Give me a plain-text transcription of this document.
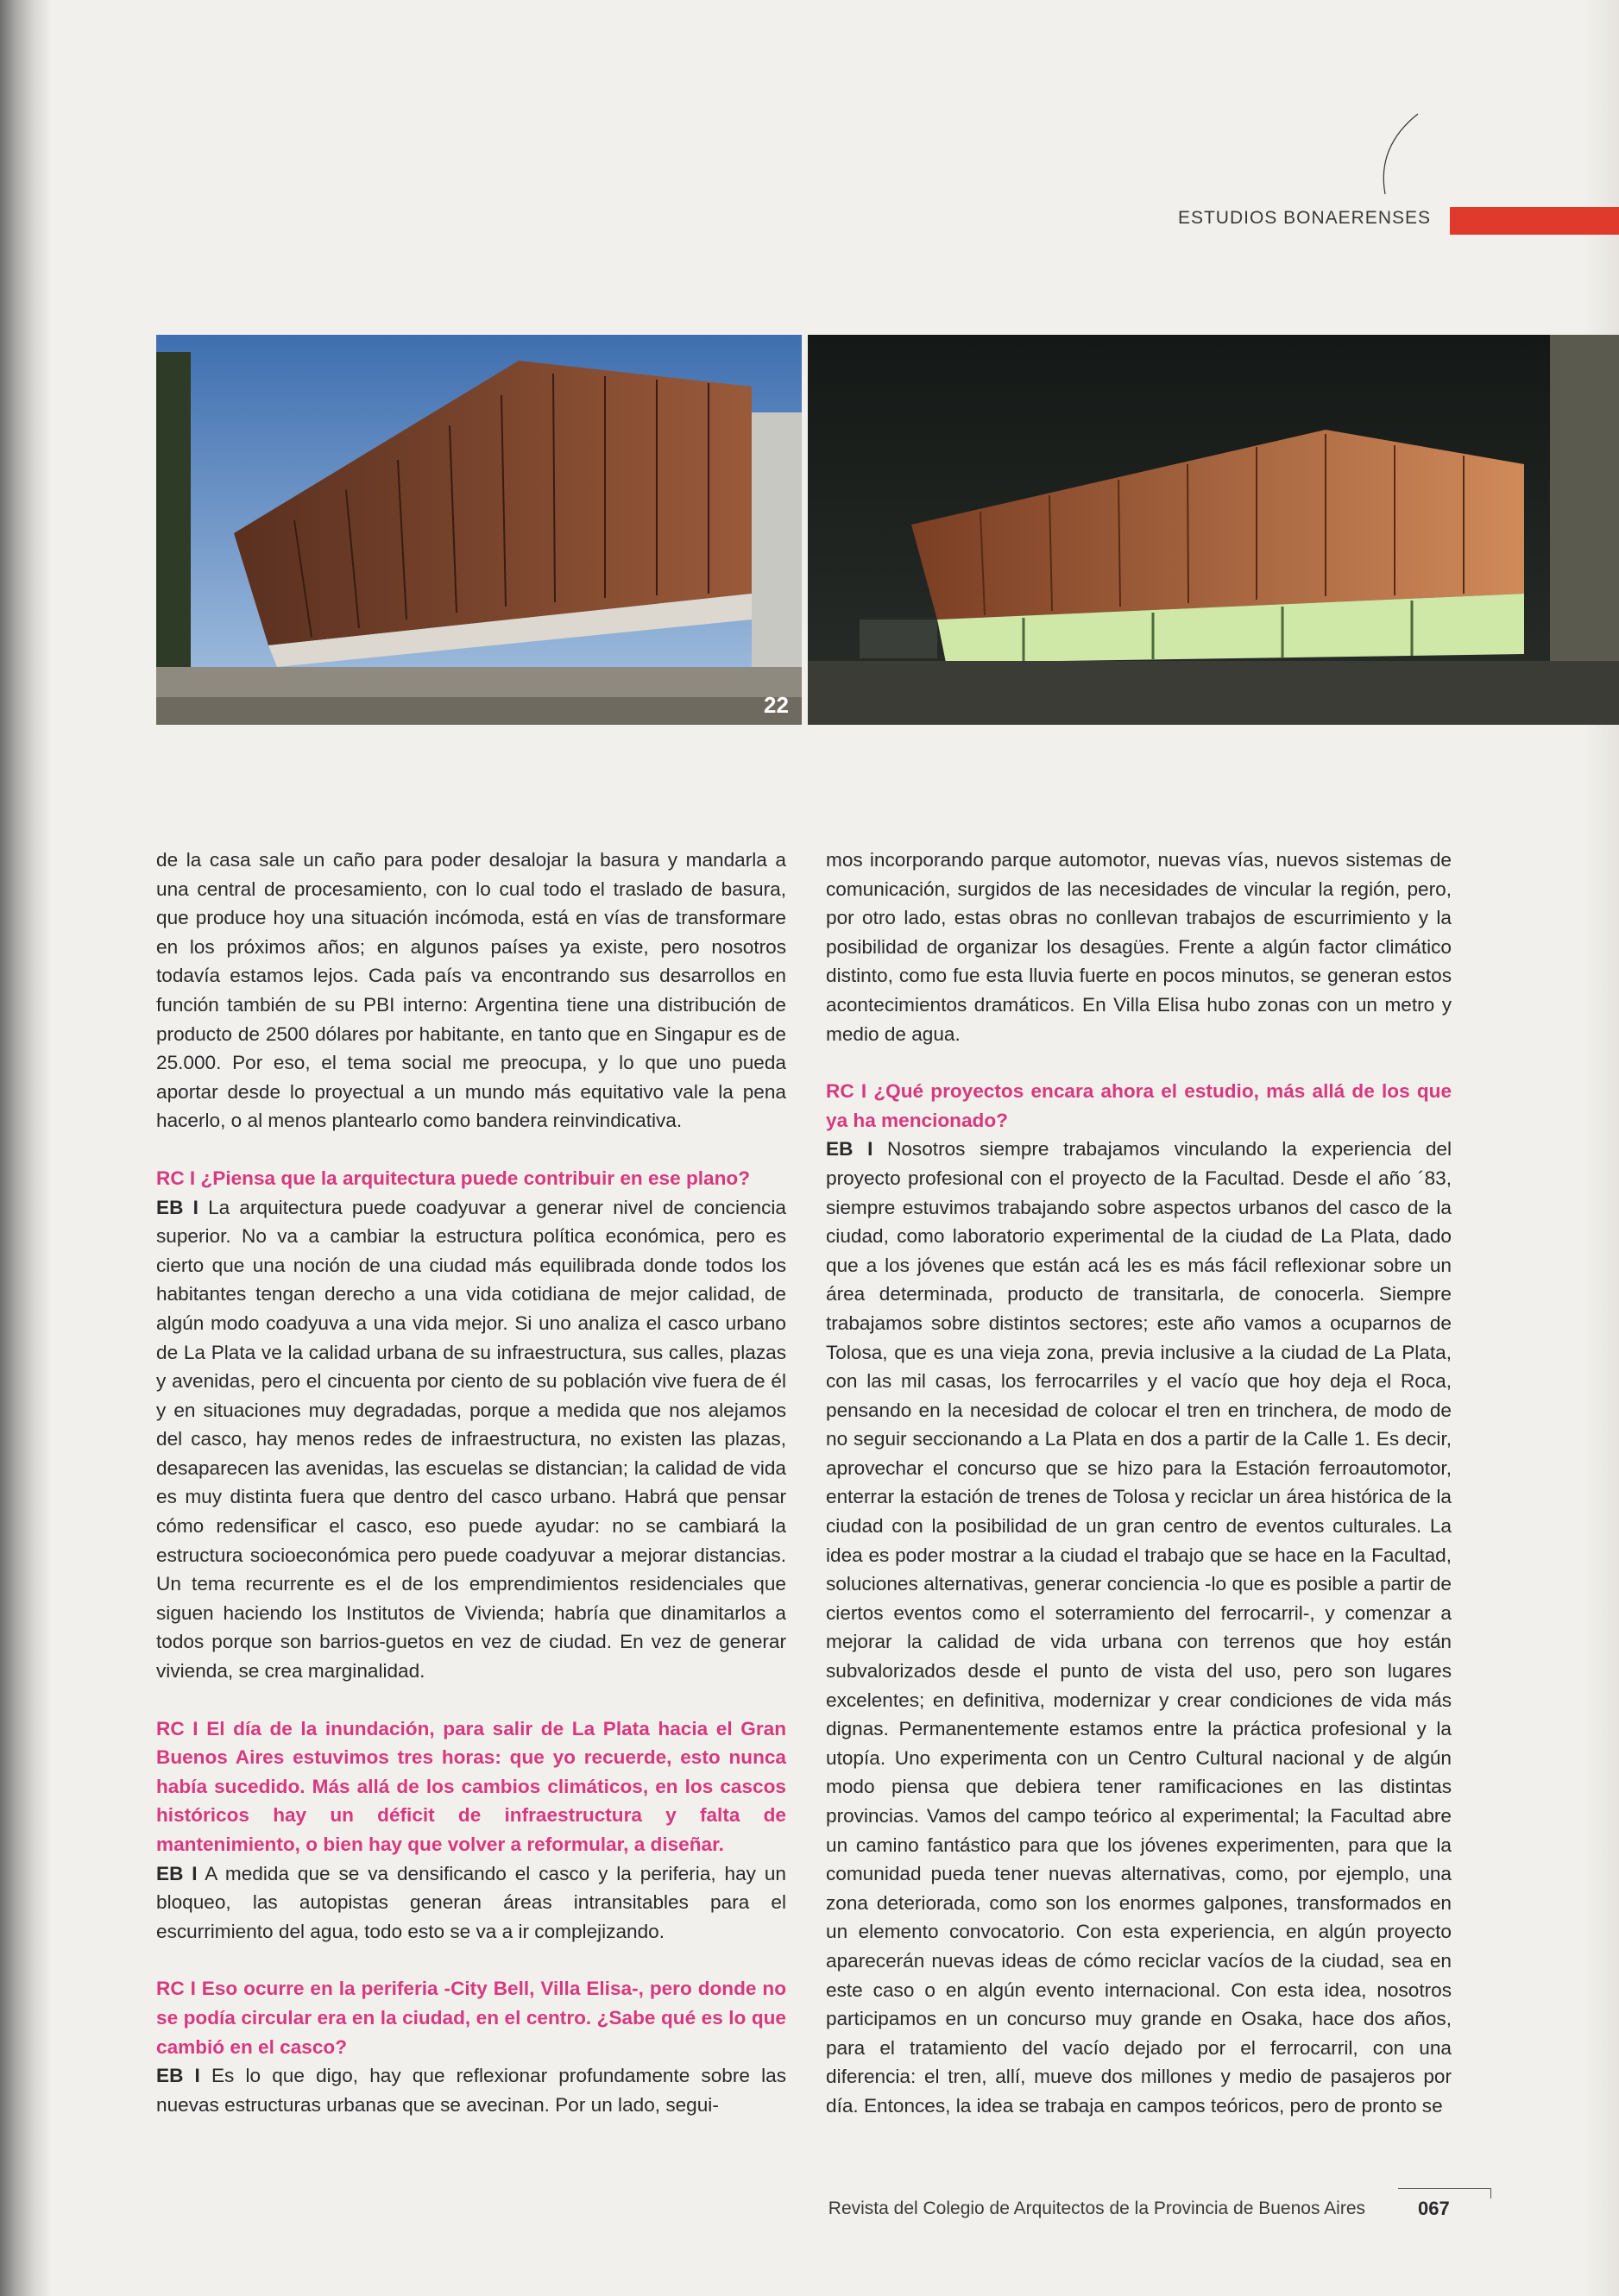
ESTUDIOS BONAERENSES
22

de la casa sale un caño para poder desalojar la basura y mandarla a una central de procesamiento, con lo cual todo el traslado de basura, que produce hoy una situación incómoda, está en vías de transformare en los próximos años; en algunos países ya existe, pero nosotros todavía estamos lejos. Cada país va encontrando sus desarrollos en función también de su PBI interno: Argentina tiene una distribución de producto de 2500 dólares por habitante, en tanto que en Singapur es de 25.000. Por eso, el tema social me preocupa, y lo que uno pueda aportar desde lo proyectual a un mundo más equitativo vale la pena hacerlo, o al menos plantearlo como bandera reinvindicativa.

RC I ¿Piensa que la arquitectura puede contribuir en ese plano?

EB I La arquitectura puede coadyuvar a generar nivel de conciencia superior. No va a cambiar la estructura política económica, pero es cierto que una noción de una ciudad más equilibrada donde todos los habitantes tengan derecho a una vida cotidiana de mejor calidad, de algún modo coadyuva a una vida mejor. Si uno analiza el casco urbano de La Plata ve la calidad urbana de su infraestructura, sus calles, plazas y avenidas, pero el cincuenta por ciento de su población vive fuera de él y en situaciones muy degradadas, porque a medida que nos alejamos del casco, hay menos redes de infraestructura, no existen las plazas, desaparecen las avenidas, las escuelas se distancian; la calidad de vida es muy distinta fuera que dentro del casco urbano. Habrá que pensar cómo redensificar el casco, eso puede ayudar: no se cambiará la estructura socioeconómica pero puede coadyuvar a mejorar distancias. Un tema recurrente es el de los emprendimientos residenciales que siguen haciendo los Institutos de Vivienda; habría que dinamitarlos a todos porque son barrios-guetos en vez de ciudad. En vez de generar vivienda, se crea marginalidad.

RC I El día de la inundación, para salir de La Plata hacia el Gran Buenos Aires estuvimos tres horas: que yo recuerde, esto nunca había sucedido. Más allá de los cambios climáticos, en los cascos históricos hay un déficit de infraestructura y falta de mantenimiento, o bien hay que volver a reformular, a diseñar.

EB I A medida que se va densificando el casco y la periferia, hay un bloqueo, las autopistas generan áreas intransitables para el escurrimiento del agua, todo esto se va a ir complejizando.

RC I Eso ocurre en la periferia -City Bell, Villa Elisa-, pero donde no se podía circular era en la ciudad, en el centro. ¿Sabe qué es lo que cambió en el casco?

EB I Es lo que digo, hay que reflexionar profundamente sobre las nuevas estructuras urbanas que se avecinan. Por un lado, segui-

mos incorporando parque automotor, nuevas vías, nuevos sistemas de comunicación, surgidos de las necesidades de vincular la región, pero, por otro lado, estas obras no conllevan trabajos de escurrimiento y la posibilidad de organizar los desagües. Frente a algún factor climático distinto, como fue esta lluvia fuerte en pocos minutos, se generan estos acontecimientos dramáticos. En Villa Elisa hubo zonas con un metro y medio de agua.

RC I ¿Qué proyectos encara ahora el estudio, más allá de los que ya ha mencionado?

EB I Nosotros siempre trabajamos vinculando la experiencia del proyecto profesional con el proyecto de la Facultad. Desde el año ´83, siempre estuvimos trabajando sobre aspectos urbanos del casco de la ciudad, como laboratorio experimental de la ciudad de La Plata, dado que a los jóvenes que están acá les es más fácil reflexionar sobre un área determinada, producto de transitarla, de conocerla. Siempre trabajamos sobre distintos sectores; este año vamos a ocuparnos de Tolosa, que es una vieja zona, previa inclusive a la ciudad de La Plata, con las mil casas, los ferrocarriles y el vacío que hoy deja el Roca, pensando en la necesidad de colocar el tren en trinchera, de modo de no seguir seccionando a La Plata en dos a partir de la Calle 1. Es decir, aprovechar el concurso que se hizo para la Estación ferroautomotor, enterrar la estación de trenes de Tolosa y reciclar un área histórica de la ciudad con la posibilidad de un gran centro de eventos culturales. La idea es poder mostrar a la ciudad el trabajo que se hace en la Facultad, soluciones alternativas, generar conciencia -lo que es posible a partir de ciertos eventos como el soterramiento del ferrocarril-, y comenzar a mejorar la calidad de vida urbana con terrenos que hoy están subvalorizados desde el punto de vista del uso, pero son lugares excelentes; en definitiva, modernizar y crear condiciones de vida más dignas. Permanentemente estamos entre la práctica profesional y la utopía. Uno experimenta con un Centro Cultural nacional y de algún modo piensa que debiera tener ramificaciones en las distintas provincias. Vamos del campo teórico al experimental; la Facultad abre un camino fantástico para que los jóvenes experimenten, para que la comunidad pueda tener nuevas alternativas, como, por ejemplo, una zona deteriorada, como son los enormes galpones, transformados en un elemento convocatorio. Con esta experiencia, en algún proyecto aparecerán nuevas ideas de cómo reciclar vacíos de la ciudad, sea en este caso o en algún evento internacional. Con esta idea, nosotros participamos en un concurso muy grande en Osaka, hace dos años, para el tratamiento del vacío dejado por el ferrocarril, con una diferencia: el tren, allí, mueve dos millones y medio de pasajeros por día. Entonces, la idea se trabaja en campos teóricos, pero de pronto se

Revista del Colegio de Arquitectos de la Provincia de Buenos Aires	067
